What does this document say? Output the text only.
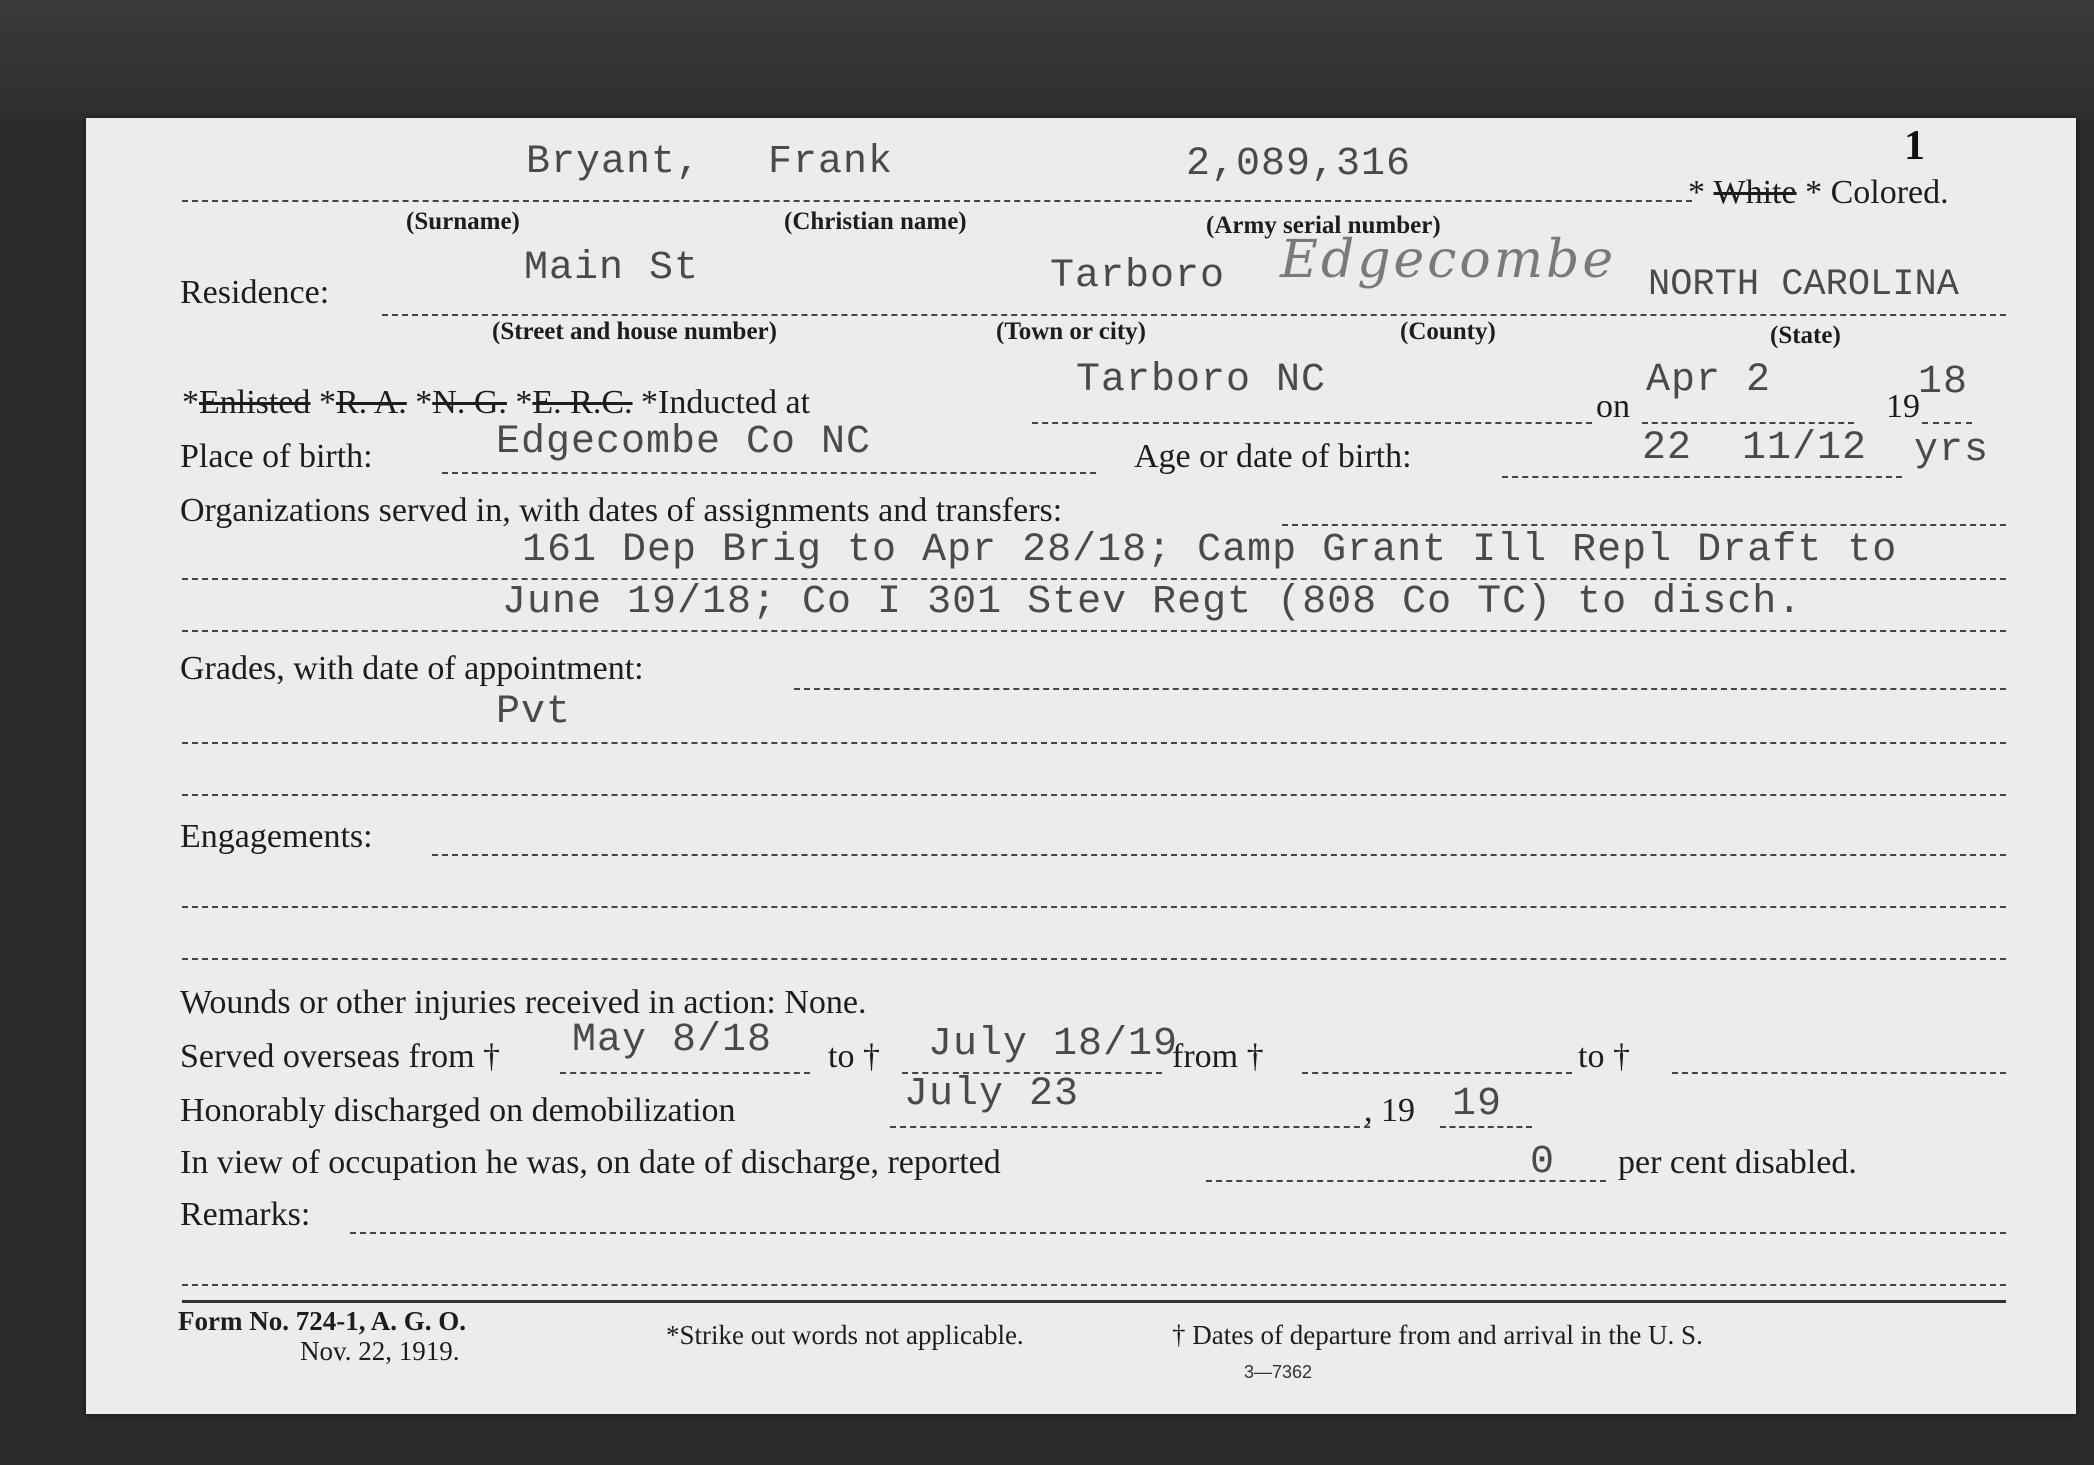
1
Bryant, Frank	2,089,316
* White * Colored.
(Surname)	(Christian name)	(Army serial number)
Residence:
Main St	Tarboro Edgecombe NORTH CAROLINA
(Street and house number)	(Town or city)	(County)	(State)
*Enlisted *R. A. *N. G. *E. R.C. *Inducted at	Tarboro NC
on
Apr 2
19
18
Place of birth:	Edgecombe Co NC	Age or date of birth:	22  11/12 yrs
Organizations served in, with dates of assignments and transfers:
161 Dep Brig to Apr 28/18; Camp Grant Ill Repl Draft to
June 19/18; Co I 301 Stev Regt (808 Co TC) to disch.
Grades, with date of appointment:
Pvt
Engagements:
Wounds or other injuries received in action: None.
Served overseas from † May 8/18 to † July 18/19
from †	to †
Honorably discharged on demobilization	July 23	, 19 19
In view of occupation he was, on date of discharge, reported	0 per cent disabled.
Remarks:
Form No. 724-1, A. G. O.
Nov. 22, 1919.
*Strike out words not applicable.	† Dates of departure from and arrival in the U. S.
3—7362
